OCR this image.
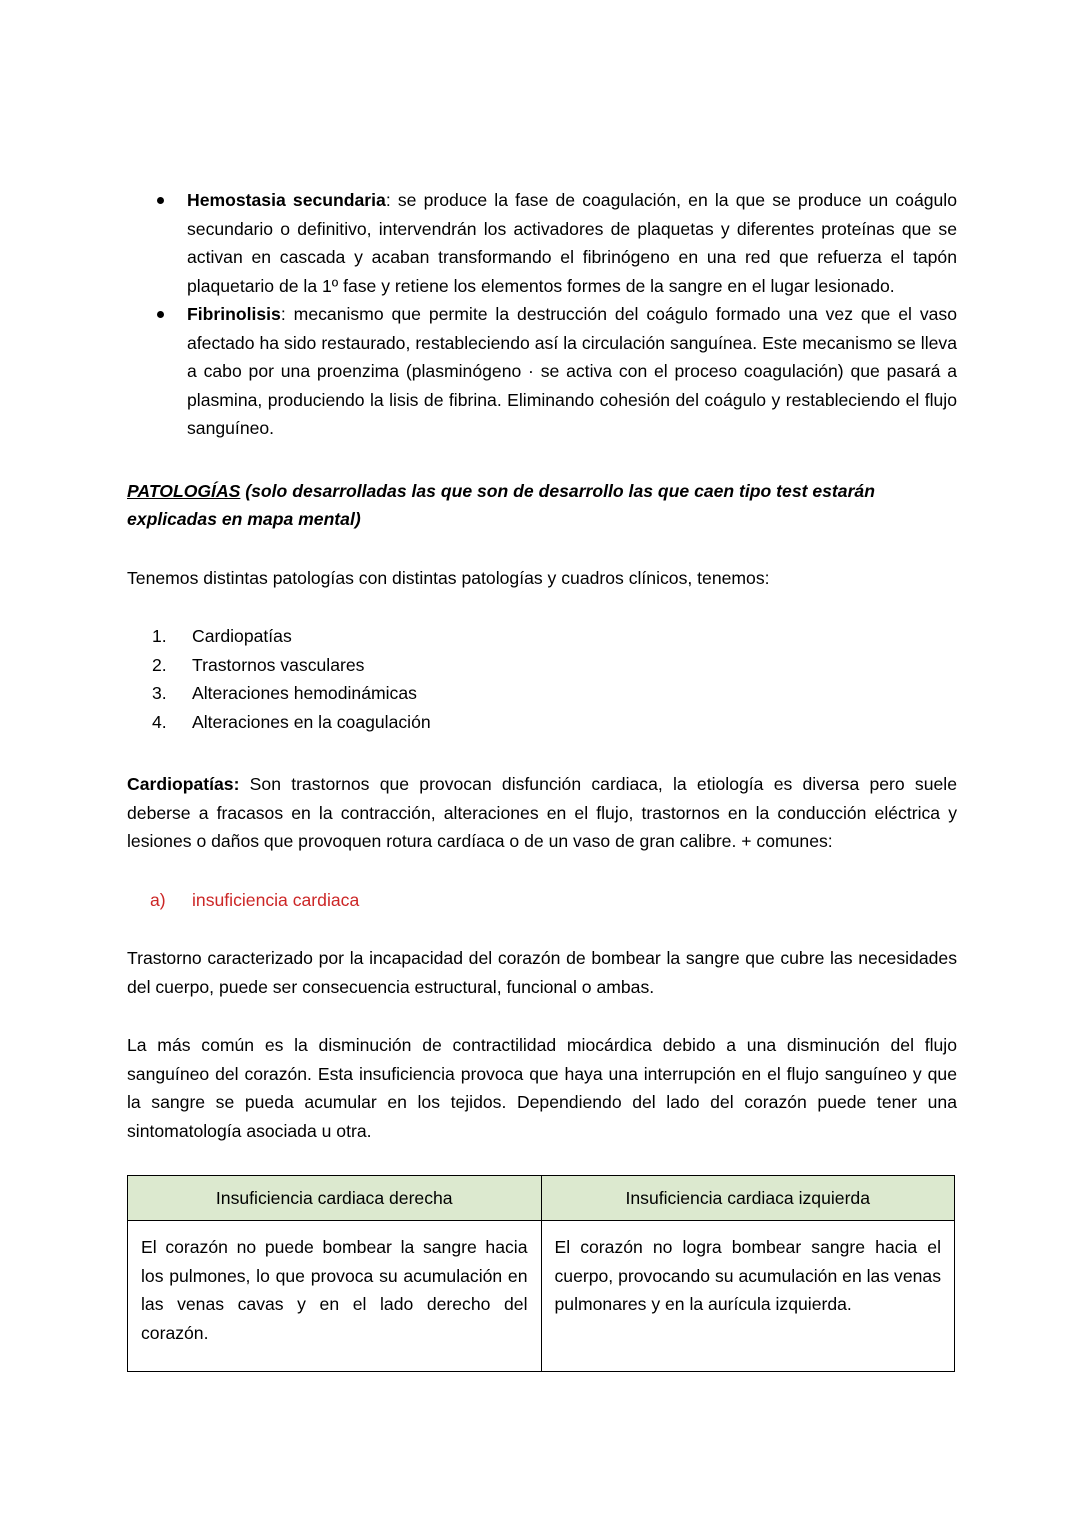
Hemostasia secundaria: se produce la fase de coagulación, en la que se produce un coágulo secundario o definitivo, intervendrán los activadores de plaquetas y diferentes proteínas que se activan en cascada y acaban transformando el fibrinógeno en una red que refuerza el tapón plaquetario de la 1º fase y retiene los elementos formes de la sangre en el lugar lesionado.
Fibrinolisis: mecanismo que permite la destrucción del coágulo formado una vez que el vaso afectado ha sido restaurado, restableciendo así la circulación sanguínea. Este mecanismo se lleva a cabo por una proenzima (plasminógeno · se activa con el proceso coagulación) que pasará a plasmina, produciendo la lisis de fibrina. Eliminando cohesión del coágulo y restableciendo el flujo sanguíneo.
PATOLOGÍAS (solo desarrolladas las que son de desarrollo las que caen tipo test estarán explicadas en mapa mental)

Tenemos distintas patologías con distintas patologías y cuadros clínicos, tenemos:

Cardiopatías
Trastornos vasculares
Alteraciones hemodinámicas
Alteraciones en la coagulación

Cardiopatías: Son trastornos que provocan disfunción cardiaca, la etiología es diversa pero suele deberse a fracasos en la contracción, alteraciones en el flujo, trastornos en la conducción eléctrica y lesiones o daños que provoquen rotura cardíaca o de un vaso de gran calibre. + comunes:

insuficiencia cardiaca

Trastorno caracterizado por la incapacidad del corazón de bombear la sangre que cubre las necesidades del cuerpo, puede ser consecuencia estructural, funcional o ambas.

La más común es la disminución de contractilidad miocárdica debido a una disminución del flujo sanguíneo del corazón. Esta insuficiencia provoca que haya una interrupción en el flujo sanguíneo y que la sangre se pueda acumular en los tejidos. Dependiendo del lado del corazón puede tener una sintomatología asociada u otra.

Insuficiencia cardiaca derecha	Insuficiencia cardiaca izquierda
El corazón no puede bombear la sangre hacia los pulmones, lo que provoca su acumulación en las venas cavas y en el lado derecho del corazón.	El corazón no logra bombear sangre hacia el cuerpo, provocando su acumulación en las venas pulmonares y en la aurícula izquierda.
